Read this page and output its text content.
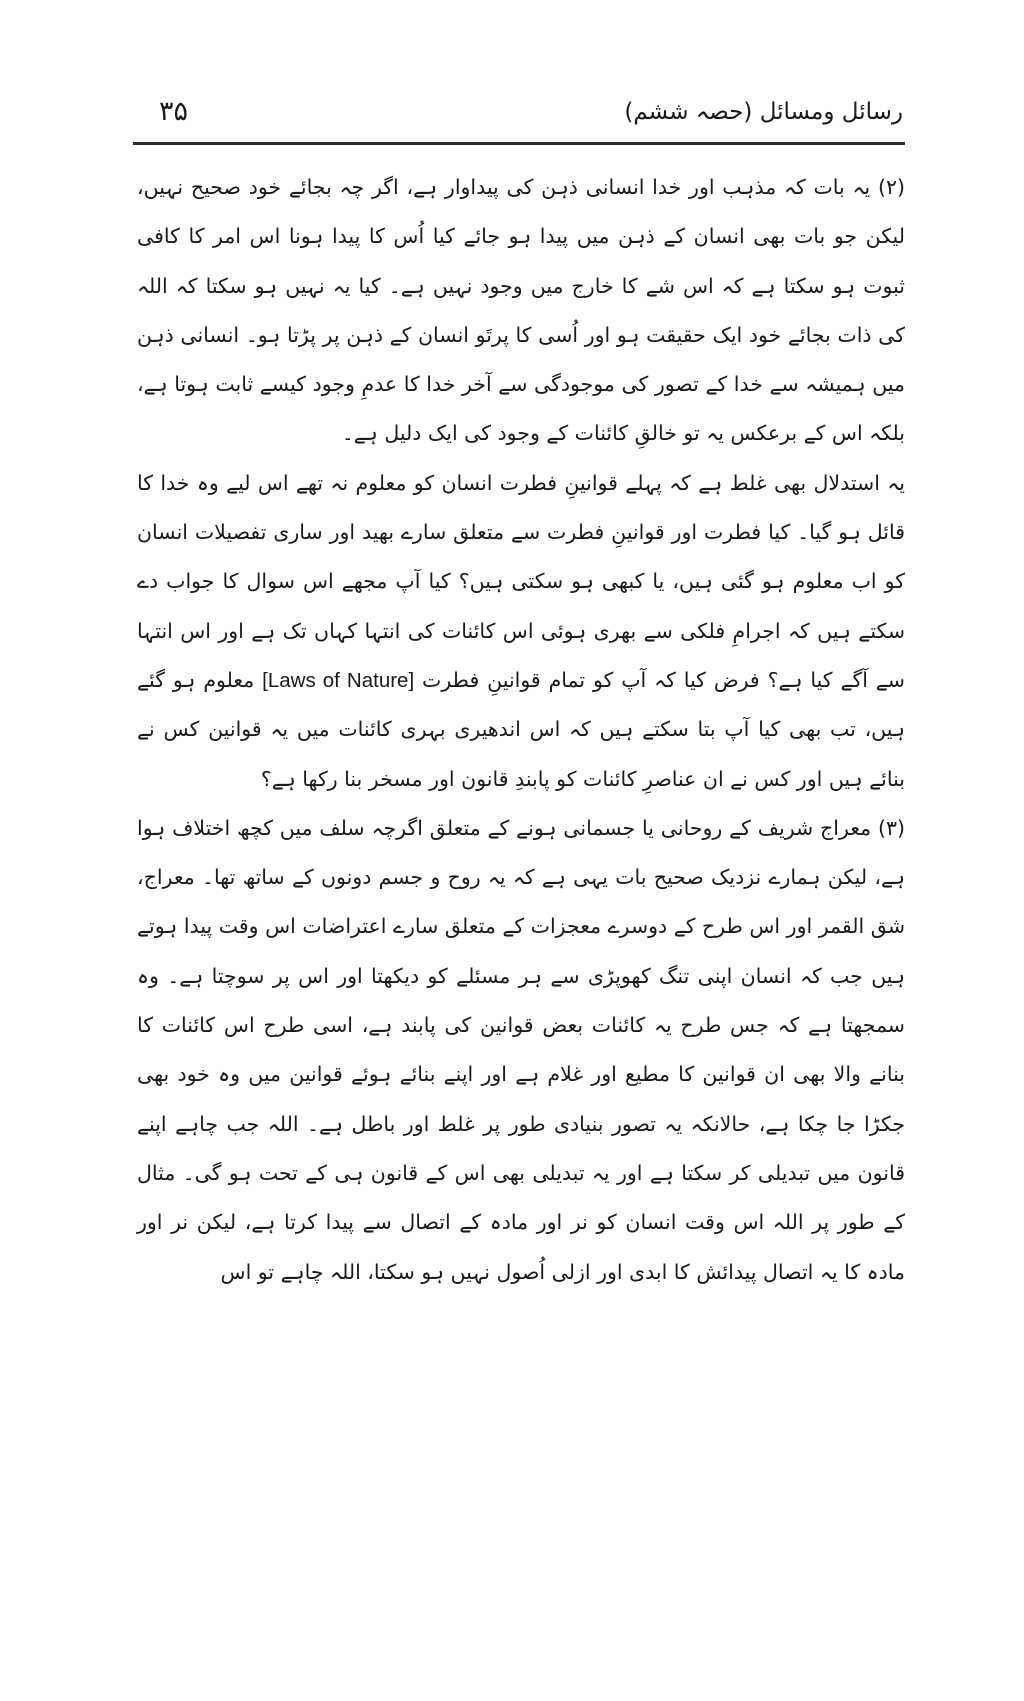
۳۵	رسائل ومسائل (حصہ ششم)

(۲) یہ بات کہ مذہب اور خدا انسانی ذہن کی پیداوار ہے، اگر چہ بجائے خود صحیح نہیں، لیکن جو بات بھی انسان کے ذہن میں پیدا ہو جائے کیا اُس کا پیدا ہونا اس امر کا کافی ثبوت ہو سکتا ہے کہ اس شے کا خارج میں وجود نہیں ہے۔ کیا یہ نہیں ہو سکتا کہ اللہ کی ذات بجائے خود ایک حقیقت ہو اور اُسی کا پرتَو انسان کے ذہن پر پڑتا ہو۔ انسانی ذہن میں ہمیشہ سے خدا کے تصور کی موجودگی سے آخر خدا کا عدمِ وجود کیسے ثابت ہوتا ہے، بلکہ اس کے برعکس یہ تو خالقِ کائنات کے وجود کی ایک دلیل ہے۔

یہ استدلال بھی غلط ہے کہ پہلے قوانینِ فطرت انسان کو معلوم نہ تھے اس لیے وہ خدا کا قائل ہو گیا۔ کیا فطرت اور قوانینِ فطرت سے متعلق سارے بھید اور ساری تفصیلات انسان کو اب معلوم ہو گئی ہیں، یا کبھی ہو سکتی ہیں؟ کیا آپ مجھے اس سوال کا جواب دے سکتے ہیں کہ اجرامِ فلکی سے بھری ہوئی اس کائنات کی انتہا کہاں تک ہے اور اس انتہا سے آگے کیا ہے؟ فرض کیا کہ آپ کو تمام قوانینِ فطرت [Laws of Nature] معلوم ہو گئے ہیں، تب بھی کیا آپ بتا سکتے ہیں کہ اس اندھیری بہری کائنات میں یہ قوانین کس نے بنائے ہیں اور کس نے ان عناصرِ کائنات کو پابندِ قانون اور مسخر بنا رکھا ہے؟

(۳) معراج شریف کے روحانی یا جسمانی ہونے کے متعلق اگرچہ سلف میں کچھ اختلاف ہوا ہے، لیکن ہمارے نزدیک صحیح بات یہی ہے کہ یہ روح و جسم دونوں کے ساتھ تھا۔ معراج، شق القمر اور اس طرح کے دوسرے معجزات کے متعلق سارے اعتراضات اس وقت پیدا ہوتے ہیں جب کہ انسان اپنی تنگ کھوپڑی سے ہر مسئلے کو دیکھتا اور اس پر سوچتا ہے۔ وہ سمجھتا ہے کہ جس طرح یہ کائنات بعض قوانین کی پابند ہے، اسی طرح اس کائنات کا بنانے والا بھی ان قوانین کا مطیع اور غلام ہے اور اپنے بنائے ہوئے قوانین میں وہ خود بھی جکڑا جا چکا ہے، حالانکہ یہ تصور بنیادی طور پر غلط اور باطل ہے۔ اللہ جب چاہے اپنے قانون میں تبدیلی کر سکتا ہے اور یہ تبدیلی بھی اس کے قانون ہی کے تحت ہو گی۔ مثال کے طور پر اللہ اس وقت انسان کو نر اور مادہ کے اتصال سے پیدا کرتا ہے، لیکن نر اور مادہ کا یہ اتصال پیدائش کا ابدی اور ازلی اُصول نہیں ہو سکتا، اللہ چاہے تو اس
